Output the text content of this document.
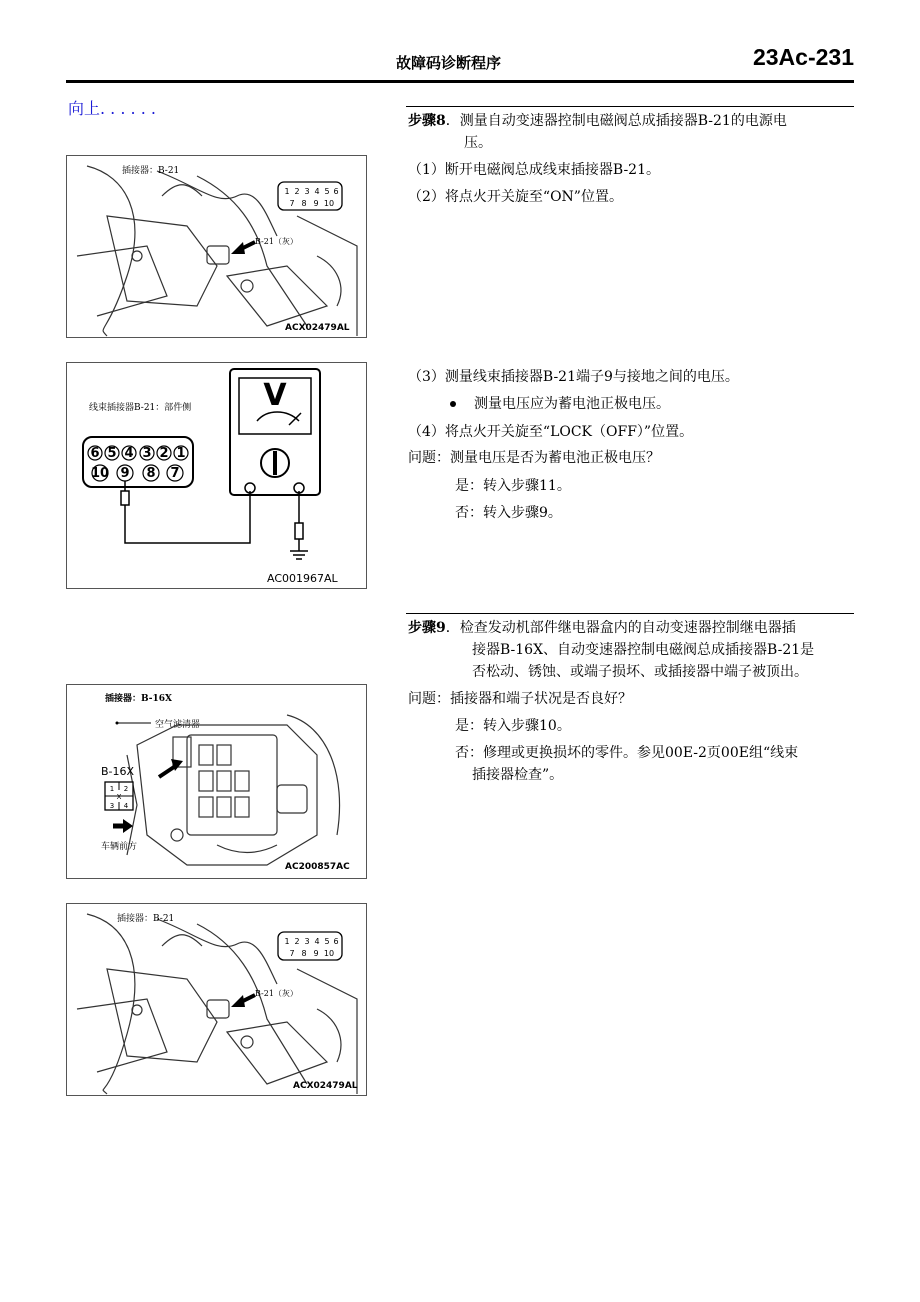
故障码诊断程序	23Ac-231
向上. . . . . .
步骤8．测量自动变速器控制电磁阀总成插接器B-21的电源电
压。
（1）断开电磁阀总成线束插接器B-21。
（2）将点火开关旋至“ON”位置。
（3）测量线束插接器B-21端子9与接地之间的电压。
测量电压应为蓄电池正极电压。
（4）将点火开关旋至“LOCK（OFF）”位置。
问题：测量电压是否为蓄电池正极电压？
是：转入步骤11。
否：转入步骤9。
步骤9．检查发动机部件继电器盒内的自动变速器控制继电器插
接器B-16X、自动变速器控制电磁阀总成插接器B-21是
否松动、锈蚀、或端子损坏、或插接器中端子被顶出。
问题：插接器和端子状况是否良好？
是：转入步骤10。
否：修理或更换损坏的零件。参见00E-2页00E组“线束
插接器检查”。
1 2 3 4 5 6
7 8 9 10
插接器：B-21
B-21（灰）
ACX02479AL
线束插接器B-21：部件侧
6 5 4 3 2 1
10 9 8 7
V
AC001967AL
插接器：B-16X
空气滤清器
B-16X
1 2
X
3 4
车辆前方
AC200857AC
1 2 3 4 5 6
7 8 9 10
插接器：B-21
B-21（灰）
ACX02479AL
